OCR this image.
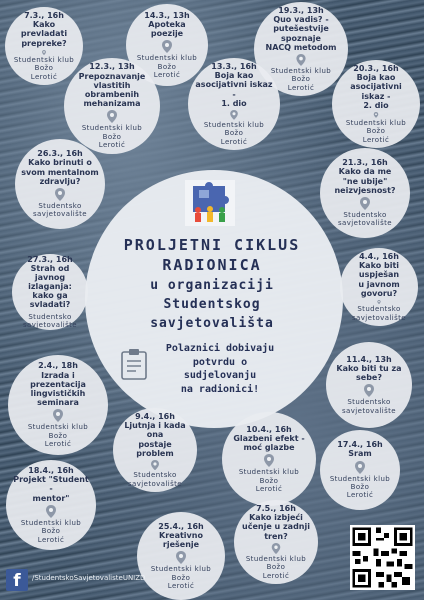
PROLJETNI CIKLUS
RADIONICA
u organizaciji
Studentskog
savjetovališta
Polaznici dobivaju
potvrdu o
sudjelovanju
na radionici!
7.3., 16h
Kako prevladati
prepreke?
Studentski klub
Božo
Lerotić
14.3., 13h
Apoteka poezije
Studentski klub
Božo
Lerotić
19.3., 13h
Quo vadis? -
putešestvije spoznaje
NACQ metodom
Studentski klub
Božo
Lerotić
12.3., 13h
Prepoznavanje
vlastitih obrambenih
mehanizama
Studentski klub
Božo
Lerotić
13.3., 16h
Boja kao
asocijativni iskaz -
1. dio
Studentski klub
Božo
Lerotić
20.3., 16h
Boja kao
asocijativni iskaz -
2. dio
Studentski klub
Božo
Lerotić
26.3., 16h
Kako brinuti o
svom mentalnom
zdravlju?
Studentsko
savjetovalište
21.3., 16h
Kako da me
"ne ubije"
neizvjesnost?
Studentsko
savjetovalište
27.3., 16h
Strah od javnog
izlaganja: kako ga
svladati?
Studentsko
savjetovalište
4.4., 16h
Kako biti uspješan
u javnom govoru?
Studentsko
savjetovalište
2.4., 18h
Izrada i prezentacija
lingvističkih
seminara
Studentski klub
Božo
Lerotić
11.4., 13h
Kako biti tu za
sebe?
Studentsko
savjetovalište
9.4., 16h
Ljutnja i kada ona
postaje problem
Studentsko
savjetovalište
10.4., 16h
Glazbeni efekt -
moć glazbe
Studentski klub
Božo
Lerotić
17.4., 16h
Sram
Studentski klub
Božo
Lerotić
18.4., 16h
Projekt "Student -
mentor"
Studentski klub
Božo
Lerotić
25.4., 16h
Kreativno
rješenje
Studentski klub
Božo
Lerotić
7.5., 16h
Kako izbjeći
učenje u zadnji
tren?
Studentski klub
Božo
Lerotić
f	/StudentskoSavjetovalisteUNIZD
